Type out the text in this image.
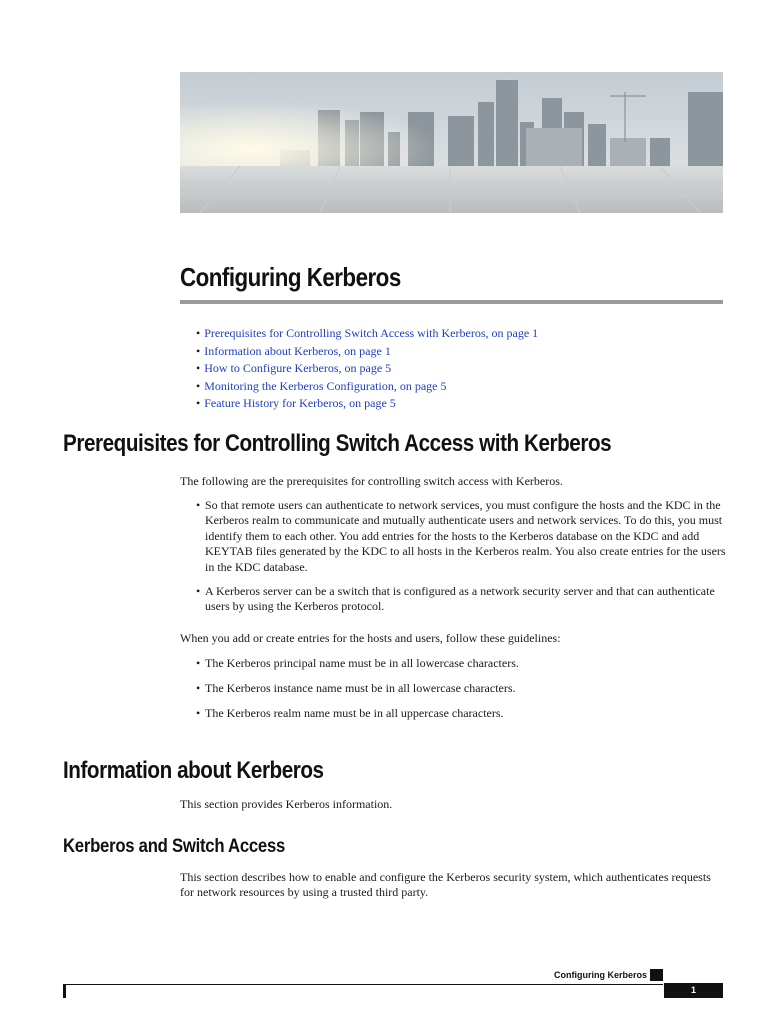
Configuring Kerberos
• Prerequisites for Controlling Switch Access with Kerberos, on page 1
• Information about Kerberos, on page 1
• How to Configure Kerberos, on page 5
• Monitoring the Kerberos Configuration, on page 5
• Feature History for Kerberos, on page 5
Prerequisites for Controlling Switch Access with Kerberos

The following are the prerequisites for controlling switch access with Kerberos.

• So that remote users can authenticate to network services, you must configure the hosts and the KDC in the Kerberos realm to communicate and mutually authenticate users and network services. To do this, you must identify them to each other. You add entries for the hosts to the Kerberos database on the KDC and add KEYTAB files generated by the KDC to all hosts in the Kerberos realm. You also create entries for the users in the KDC database.
• A Kerberos server can be a switch that is configured as a network security server and that can authenticate users by using the Kerberos protocol.

When you add or create entries for the hosts and users, follow these guidelines:

• The Kerberos principal name must be in all lowercase characters.
• The Kerberos instance name must be in all lowercase characters.
• The Kerberos realm name must be in all uppercase characters.
Information about Kerberos

This section provides Kerberos information.

Kerberos and Switch Access

This section describes how to enable and configure the Kerberos security system, which authenticates requests for network resources by using a trusted third party.

Configuring Kerberos
1
